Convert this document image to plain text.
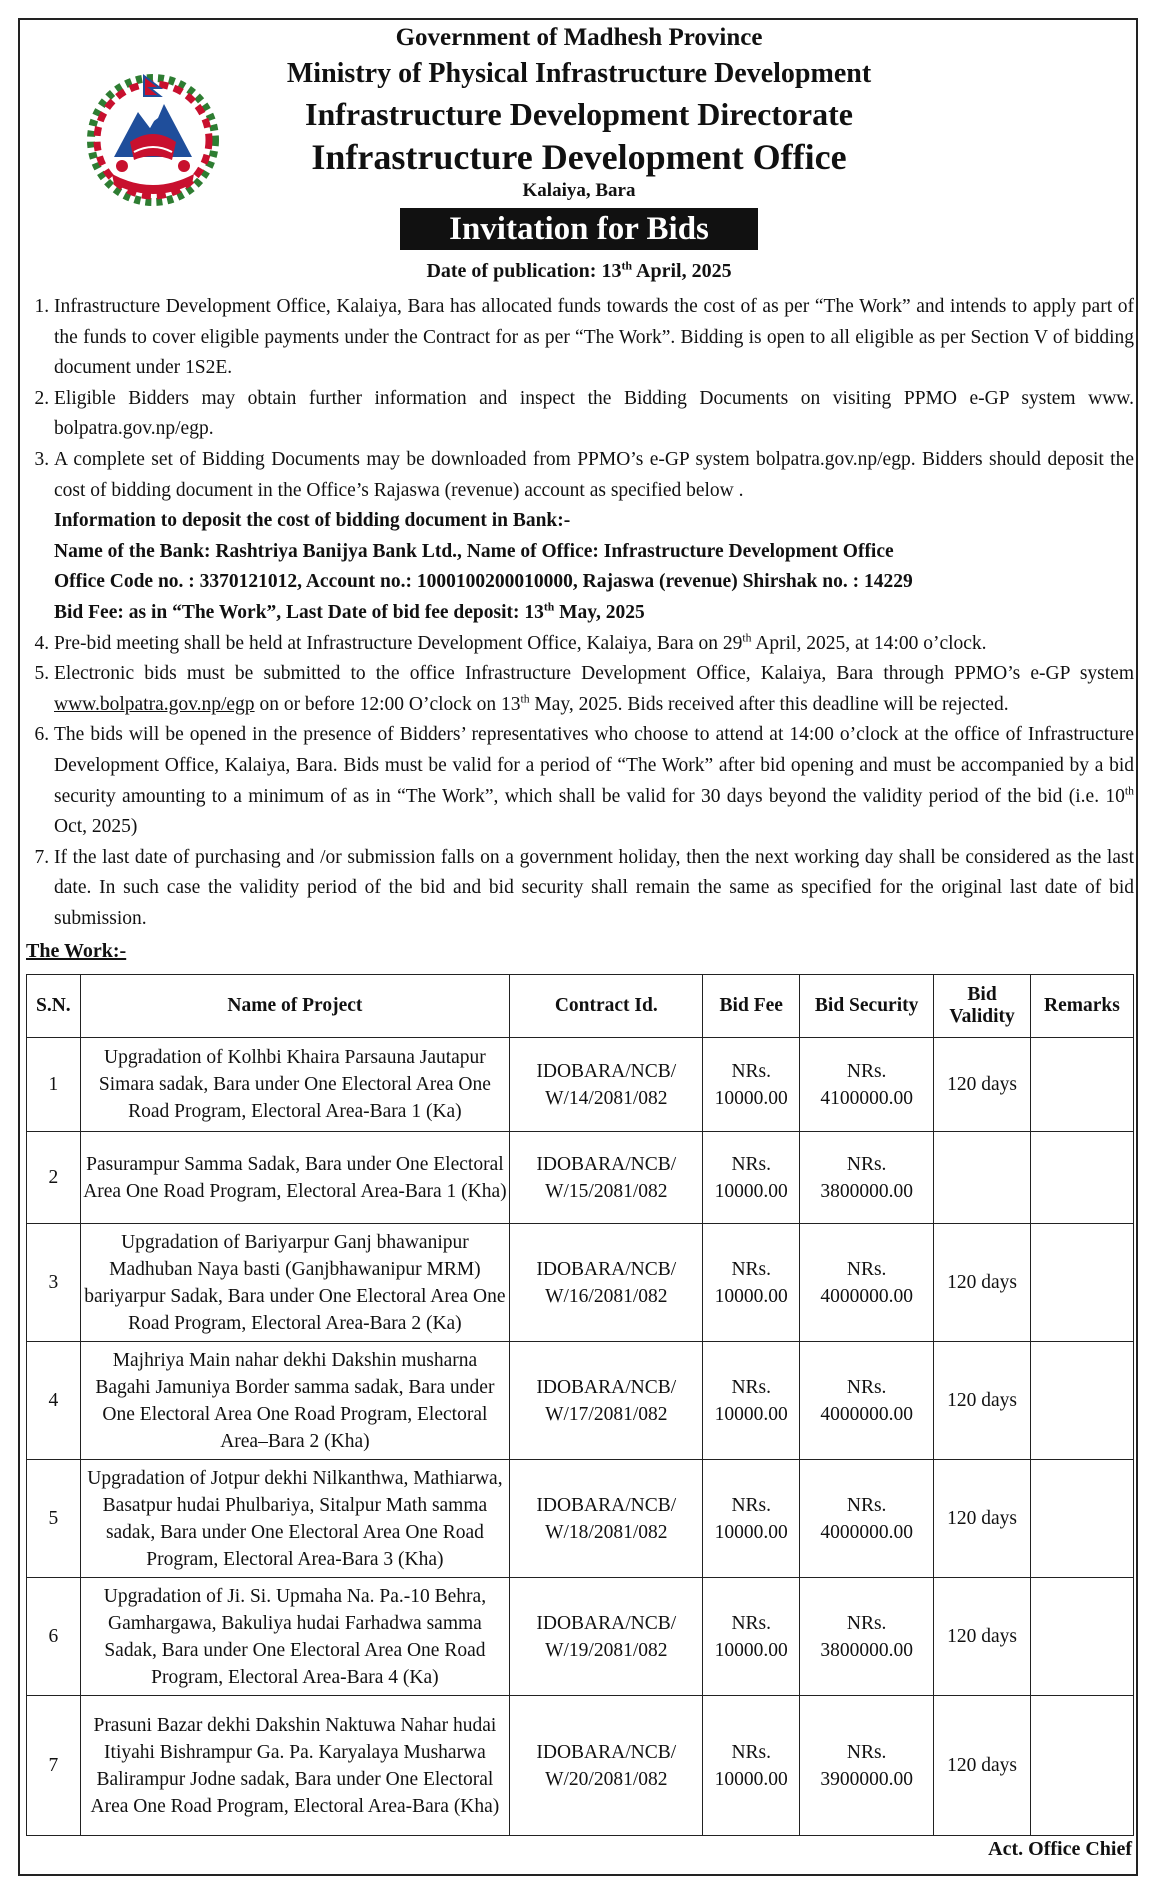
Government of Madhesh Province
Ministry of Physical Infrastructure Development
Infrastructure Development Directorate
Infrastructure Development Office
Kalaiya, Bara
Invitation for Bids
Date of publication: 13th April, 2025
1. Infrastructure Development Office, Kalaiya, Bara has allocated funds towards the cost of as per “The Work” and intends to apply part of the funds to cover eligible payments under the Contract for as per “The Work”. Bidding is open to all eligible as per Section V of bidding document under 1S2E.
2. Eligible Bidders may obtain further information and inspect the Bidding Documents on visiting PPMO e-GP system www. bolpatra.gov.np/egp.
3. A complete set of Bidding Documents may be downloaded from PPMO’s e-GP system bolpatra.gov.np/egp. Bidders should deposit the cost of bidding document in the Office’s Rajaswa (revenue) account as specified below .
Information to deposit the cost of bidding document in Bank:-
Name of the Bank: Rashtriya Banijya Bank Ltd., Name of Office: Infrastructure Development Office
Office Code no. : 3370121012, Account no.: 1000100200010000, Rajaswa (revenue) Shirshak no. : 14229
Bid Fee: as in “The Work”, Last Date of bid fee deposit: 13th May, 2025
4. Pre-bid meeting shall be held at Infrastructure Development Office, Kalaiya, Bara on 29th April, 2025, at 14:00 o’clock.
5. Electronic bids must be submitted to the office Infrastructure Development Office, Kalaiya, Bara through PPMO’s e-GP system www.bolpatra.gov.np/egp on or before 12:00 O’clock on 13th May, 2025. Bids received after this deadline will be rejected.
6. The bids will be opened in the presence of Bidders’ representatives who choose to attend at 14:00 o’clock at the office of Infrastructure Development Office, Kalaiya, Bara. Bids must be valid for a period of “The Work” after bid opening and must be accompanied by a bid security amounting to a minimum of as in “The Work”, which shall be valid for 30 days beyond the validity period of the bid (i.e. 10th Oct, 2025)
7. If the last date of purchasing and /or submission falls on a government holiday, then the next working day shall be considered as the last date. In such case the validity period of the bid and bid security shall remain the same as specified for the original last date of bid submission.
The Work:-
S.N.	Name of Project	Contract Id.	Bid Fee	Bid Security	Bid Validity	Remarks
1	Upgradation of Kolhbi Khaira Parsauna Jautapur Simara sadak, Bara under One Electoral Area One Road Program, Electoral Area-Bara 1 (Ka)	IDOBARA/NCB/ W/14/2081/082	NRs. 10000.00	NRs. 4100000.00	120 days	
2	Pasurampur Samma Sadak, Bara under One Electoral Area One Road Program, Electoral Area-Bara 1 (Kha)	IDOBARA/NCB/ W/15/2081/082	NRs. 10000.00	NRs. 3800000.00		
3	Upgradation of Bariyarpur Ganj bhawanipur Madhuban Naya basti (Ganjbhawanipur MRM) bariyarpur Sadak, Bara under One Electoral Area One Road Program, Electoral Area-Bara 2 (Ka)	IDOBARA/NCB/ W/16/2081/082	NRs. 10000.00	NRs. 4000000.00	120 days	
4	Majhriya Main nahar dekhi Dakshin musharna Bagahi Jamuniya Border samma sadak, Bara under One Electoral Area One Road Program, Electoral Area–Bara 2 (Kha)	IDOBARA/NCB/ W/17/2081/082	NRs. 10000.00	NRs. 4000000.00	120 days	
5	Upgradation of Jotpur dekhi Nilkanthwa, Mathiarwa, Basatpur hudai Phulbariya, Sitalpur Math samma sadak, Bara under One Electoral Area One Road Program, Electoral Area-Bara 3 (Kha)	IDOBARA/NCB/ W/18/2081/082	NRs. 10000.00	NRs. 4000000.00	120 days	
6	Upgradation of Ji. Si. Upmaha Na. Pa.-10 Behra, Gamhargawa, Bakuliya hudai Farhadwa samma Sadak, Bara under One Electoral Area One Road Program, Electoral Area-Bara 4 (Ka)	IDOBARA/NCB/ W/19/2081/082	NRs. 10000.00	NRs. 3800000.00	120 days	
7	Prasuni Bazar dekhi Dakshin Naktuwa Nahar hudai Itiyahi Bishrampur Ga. Pa. Karyalaya Musharwa Balirampur Jodne sadak, Bara under One Electoral Area One Road Program, Electoral Area-Bara (Kha)	IDOBARA/NCB/ W/20/2081/082	NRs. 10000.00	NRs. 3900000.00	120 days	
Act. Office Chief
